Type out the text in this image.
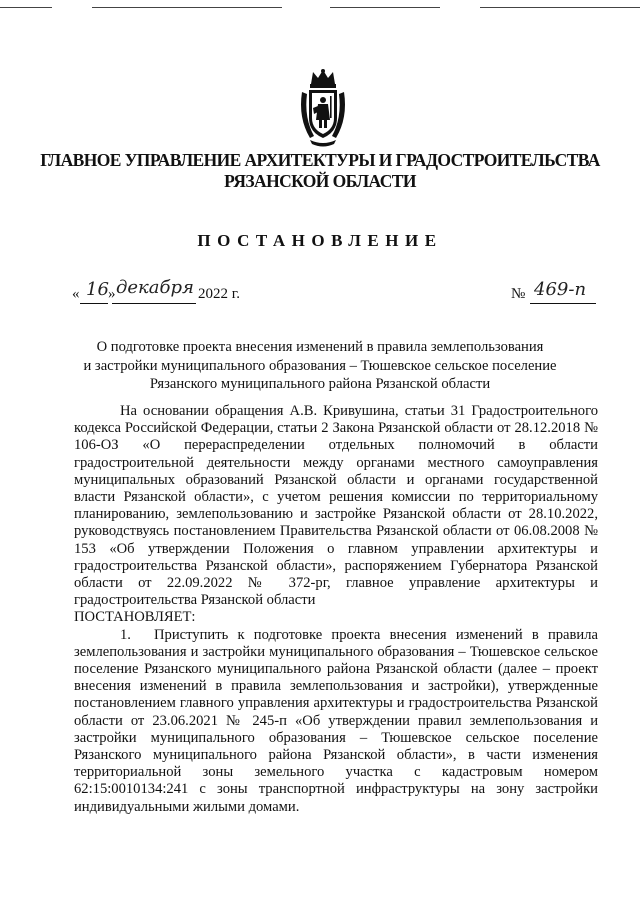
ГЛАВНОЕ УПРАВЛЕНИЕ АРХИТЕКТУРЫ И ГРАДОСТРОИТЕЛЬСТВА
РЯЗАНСКОЙ ОБЛАСТИ
ПОСТАНОВЛЕНИЕ
« 16 » декабря 2022 г.	№ 469-п
О подготовке проекта внесения изменений в правила землепользования
и застройки муниципального образования – Тюшевское сельское поселение
Рязанского муниципального района Рязанской области

На основании обращения А.В. Кривушина, статьи 31 Градостроительного кодекса Российской Федерации, статьи 2 Закона Рязанской области от 28.12.2018 № 106-ОЗ «О перераспределении отдельных полномочий в области градостроительной деятельности между органами местного самоуправления муниципальных образований Рязанской области и органами государственной власти Рязанской области», с учетом решения комиссии по территориальному планированию, землепользованию и застройке Рязанской области от 28.10.2022, руководствуясь постановлением Правительства Рязанской области от 06.08.2008 № 153 «Об утверждении Положения о главном управлении архитектуры и градостроительства Рязанской области», распоряжением Губернатора Рязанской области от 22.09.2022 № 372-рг, главное управление архитектуры и градостроительства Рязанской области

ПОСТАНОВЛЯЕТ:

1. Приступить к подготовке проекта внесения изменений в правила землепользования и застройки муниципального образования – Тюшевское сельское поселение Рязанского муниципального района Рязанской области (далее – проект внесения изменений в правила землепользования и застройки), утвержденные постановлением главного управления архитектуры и градостроительства Рязанской области от 23.06.2021 № 245-п «Об утверждении правил землепользования и застройки муниципального образования – Тюшевское сельское поселение Рязанского муниципального района Рязанской области», в части изменения территориальной зоны земельного участка с кадастровым номером 62:15:0010134:241 с зоны транспортной инфраструктуры на зону застройки индивидуальными жилыми домами.
